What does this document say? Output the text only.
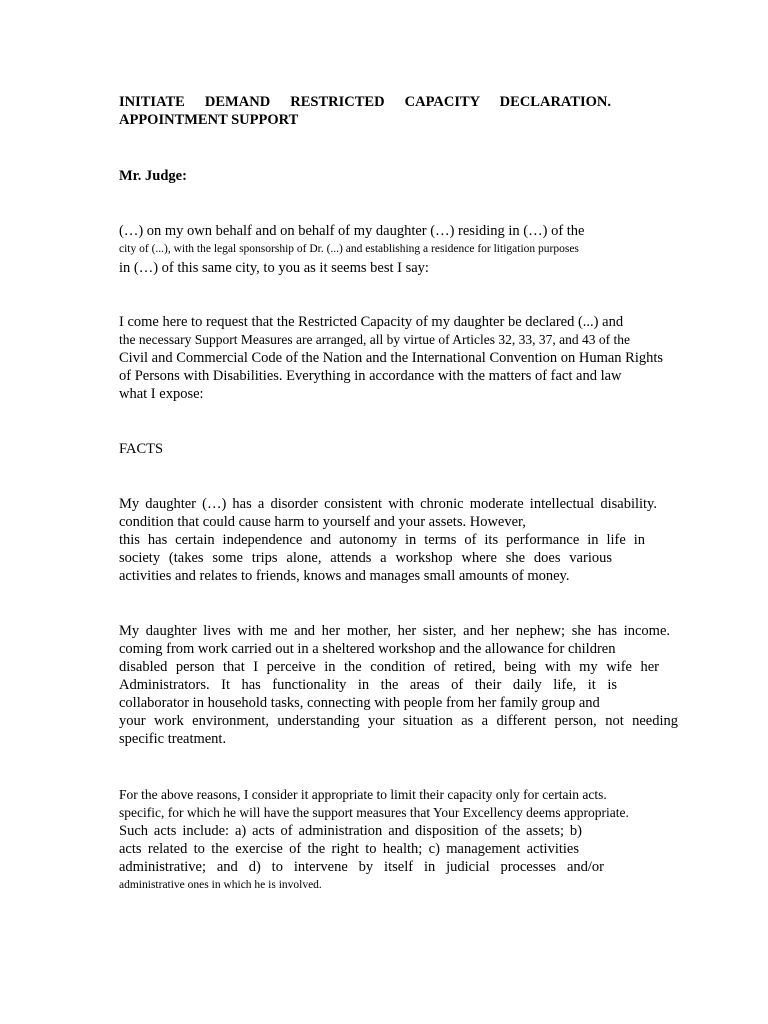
INITIATE DEMAND RESTRICTED CAPACITY DECLARATION.
APPOINTMENT SUPPORT
Mr. Judge:
(…) on my own behalf and on behalf of my daughter (…) residing in (…) of the
city of (...), with the legal sponsorship of Dr. (...) and establishing a residence for litigation purposes
in (…) of this same city, to you as it seems best I say:
I come here to request that the Restricted Capacity of my daughter be declared (...) and
the necessary Support Measures are arranged, all by virtue of Articles 32, 33, 37, and 43 of the
Civil and Commercial Code of the Nation and the International Convention on Human Rights
of Persons with Disabilities. Everything in accordance with the matters of fact and law
what I expose:
FACTS
My daughter (…) has a disorder consistent with chronic moderate intellectual disability.
condition that could cause harm to yourself and your assets. However,
this has certain independence and autonomy in terms of its performance in life in
society (takes some trips alone, attends a workshop where she does various
activities and relates to friends, knows and manages small amounts of money.
My daughter lives with me and her mother, her sister, and her nephew; she has income.
coming from work carried out in a sheltered workshop and the allowance for children
disabled person that I perceive in the condition of retired, being with my wife her
Administrators. It has functionality in the areas of their daily life, it is
collaborator in household tasks, connecting with people from her family group and
your work environment, understanding your situation as a different person, not needing
specific treatment.
For the above reasons, I consider it appropriate to limit their capacity only for certain acts.
specific, for which he will have the support measures that Your Excellency deems appropriate.
Such acts include: a) acts of administration and disposition of the assets; b)
acts related to the exercise of the right to health; c) management activities
administrative; and d) to intervene by itself in judicial processes and/or
administrative ones in which he is involved.
